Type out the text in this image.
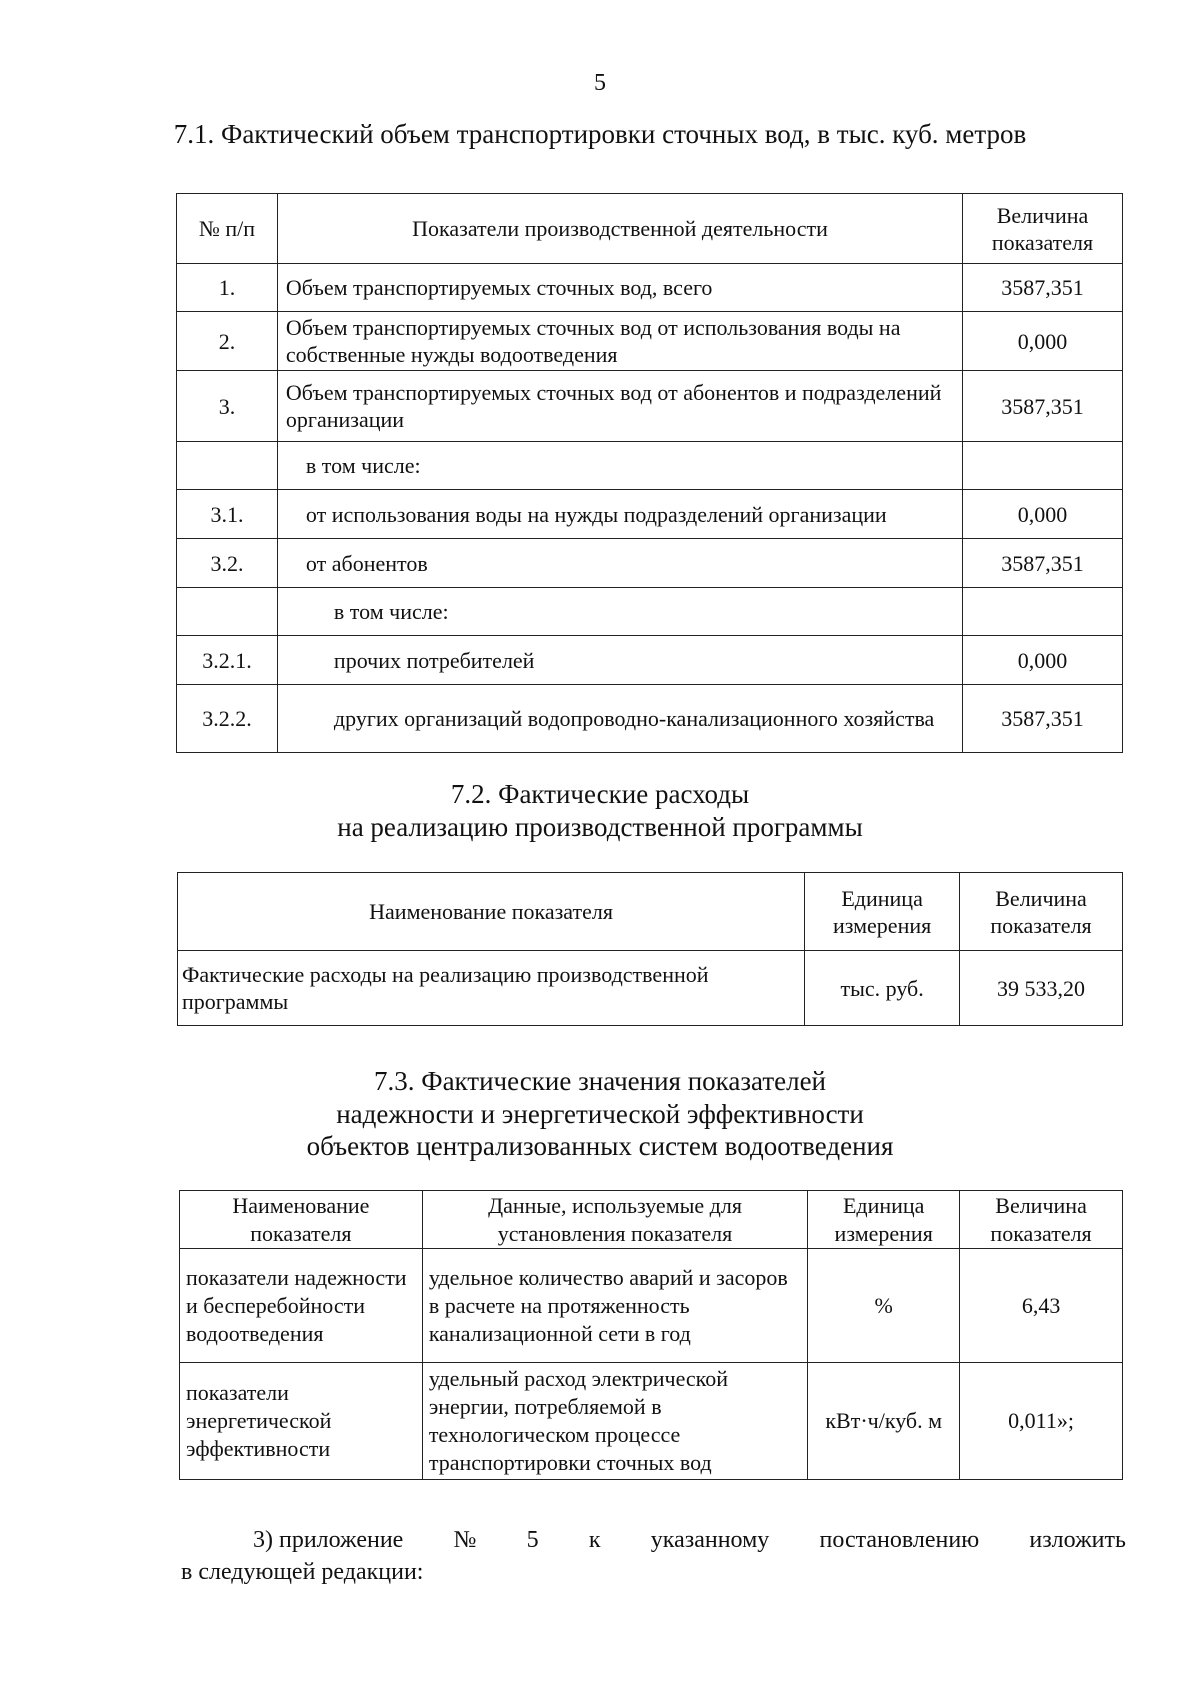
5
7.1. Фактический объем транспортировки сточных вод, в тыс. куб. метров
№ п/п	Показатели производственной деятельности	Величина показателя
1.	Объем транспортируемых сточных вод, всего	3587,351
2.	Объем транспортируемых сточных вод от использования воды на собственные нужды водоотведения	0,000
3.	Объем транспортируемых сточных вод от абонентов и подразделений организации	3587,351
	в том числе:	
3.1.	от использования воды на нужды подразделений организации	0,000
3.2.	от абонентов	3587,351
	в том числе:	
3.2.1.	прочих потребителей	0,000
3.2.2.	других организаций водопроводно-канализационного хозяйства	3587,351
7.2. Фактические расходы
на реализацию производственной программы
Наименование показателя	Единица измерения	Величина показателя
Фактические расходы на реализацию производственной программы	тыс. руб.	39 533,20
7.3. Фактические значения показателей
надежности и энергетической эффективности
объектов централизованных систем водоотведения
Наименование показателя	Данные, используемые для установления показателя	Единица измерения	Величина показателя
показатели надежности и бесперебойности водоотведения	удельное количество аварий и засоров в расчете на протяженность канализационной сети в год	%	6,43
показатели энергетической эффективности	удельный расход электрической энергии, потребляемой в технологическом процессе транспортировки сточных вод	кВт·ч/куб. м	0,011»;
3) приложение № 5 к указанному постановлению изложить
в следующей редакции:
